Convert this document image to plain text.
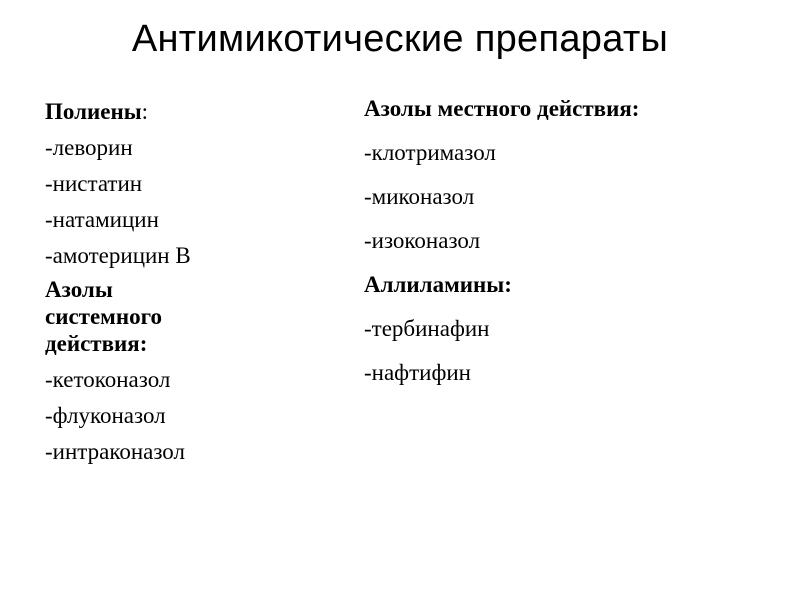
Антимикотические препараты
Полиены:
-леворин
-нистатин
-натамицин
-амотерицин В
Азолы
системного
действия:
-кетоконазол
-флуконазол
-интраконазол
Азолы местного действия:
-клотримазол
-миконазол
-изоконазол
Аллиламины:
-тербинафин
-нафтифин
